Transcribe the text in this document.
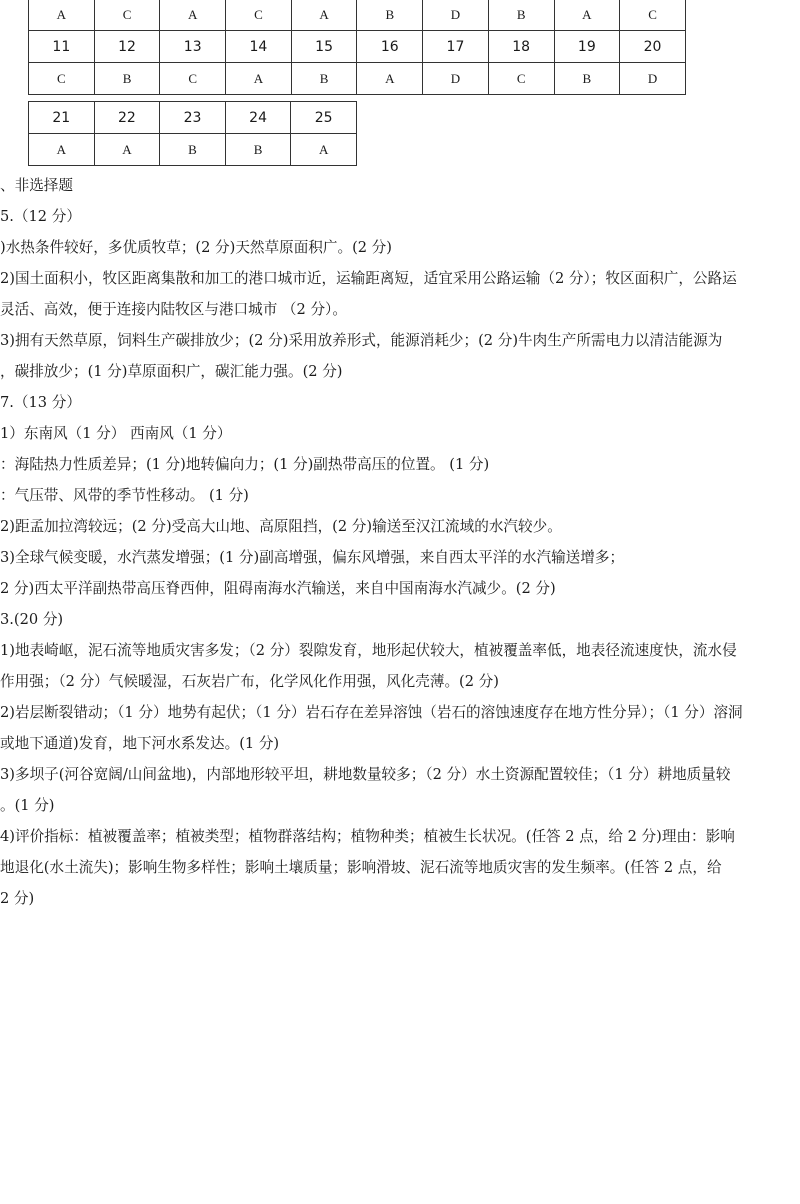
A	C	A	C	A	B	D	B	A	C
11	12	13	14	15	16	17	18	19	20
C	B	C	A	B	A	D	C	B	D
21	22	23	24	25
A	A	B	B	A
、非选择题
5.（12 分）
)水热条件较好，多优质牧草；(2 分)天然草原面积广。(2 分)
2)国土面积小，牧区距离集散和加工的港口城市近，运输距离短，适宜采用公路运输（2 分）；牧区面积广，公路运
灵活、高效，便于连接内陆牧区与港口城市 （2 分）。
3)拥有天然草原，饲料生产碳排放少；(2 分)采用放养形式，能源消耗少；(2 分)牛肉生产所需电力以清洁能源为
，碳排放少；(1 分)草原面积广，碳汇能力强。(2 分)
7.（13 分）
1）东南风（1 分） 西南风（1 分）
：海陆热力性质差异；(1 分)地转偏向力；(1 分)副热带高压的位置。 (1 分)
：气压带、风带的季节性移动。 (1 分)
2)距孟加拉湾较远；(2 分)受高大山地、高原阻挡，(2 分)输送至汉江流域的水汽较少。
3)全球气候变暖，水汽蒸发增强；(1 分)副高增强，偏东风增强，来自西太平洋的水汽输送增多；
2 分)西太平洋副热带高压脊西伸，阻碍南海水汽输送，来自中国南海水汽减少。(2 分)
3.(20 分)
1)地表崎岖，泥石流等地质灾害多发；（2 分）裂隙发育，地形起伏较大，植被覆盖率低，地表径流速度快，流水侵
作用强；（2 分）气候暖湿，石灰岩广布，化学风化作用强，风化壳薄。(2 分)
2)岩层断裂错动；（1 分）地势有起伏；（1 分）岩石存在差异溶蚀（岩石的溶蚀速度存在地方性分异）；（1 分）溶洞
或地下通道)发育，地下河水系发达。(1 分)
3)多坝子(河谷宽阔/山间盆地)，内部地形较平坦，耕地数量较多；（2 分）水土资源配置较佳；（1 分）耕地质量较
。(1 分)
4)评价指标：植被覆盖率；植被类型；植物群落结构；植物种类；植被生长状况。(任答 2 点，给 2 分)理由：影响
地退化(水土流失)；影响生物多样性；影响土壤质量；影响滑坡、泥石流等地质灾害的发生频率。(任答 2 点，给
2 分)
